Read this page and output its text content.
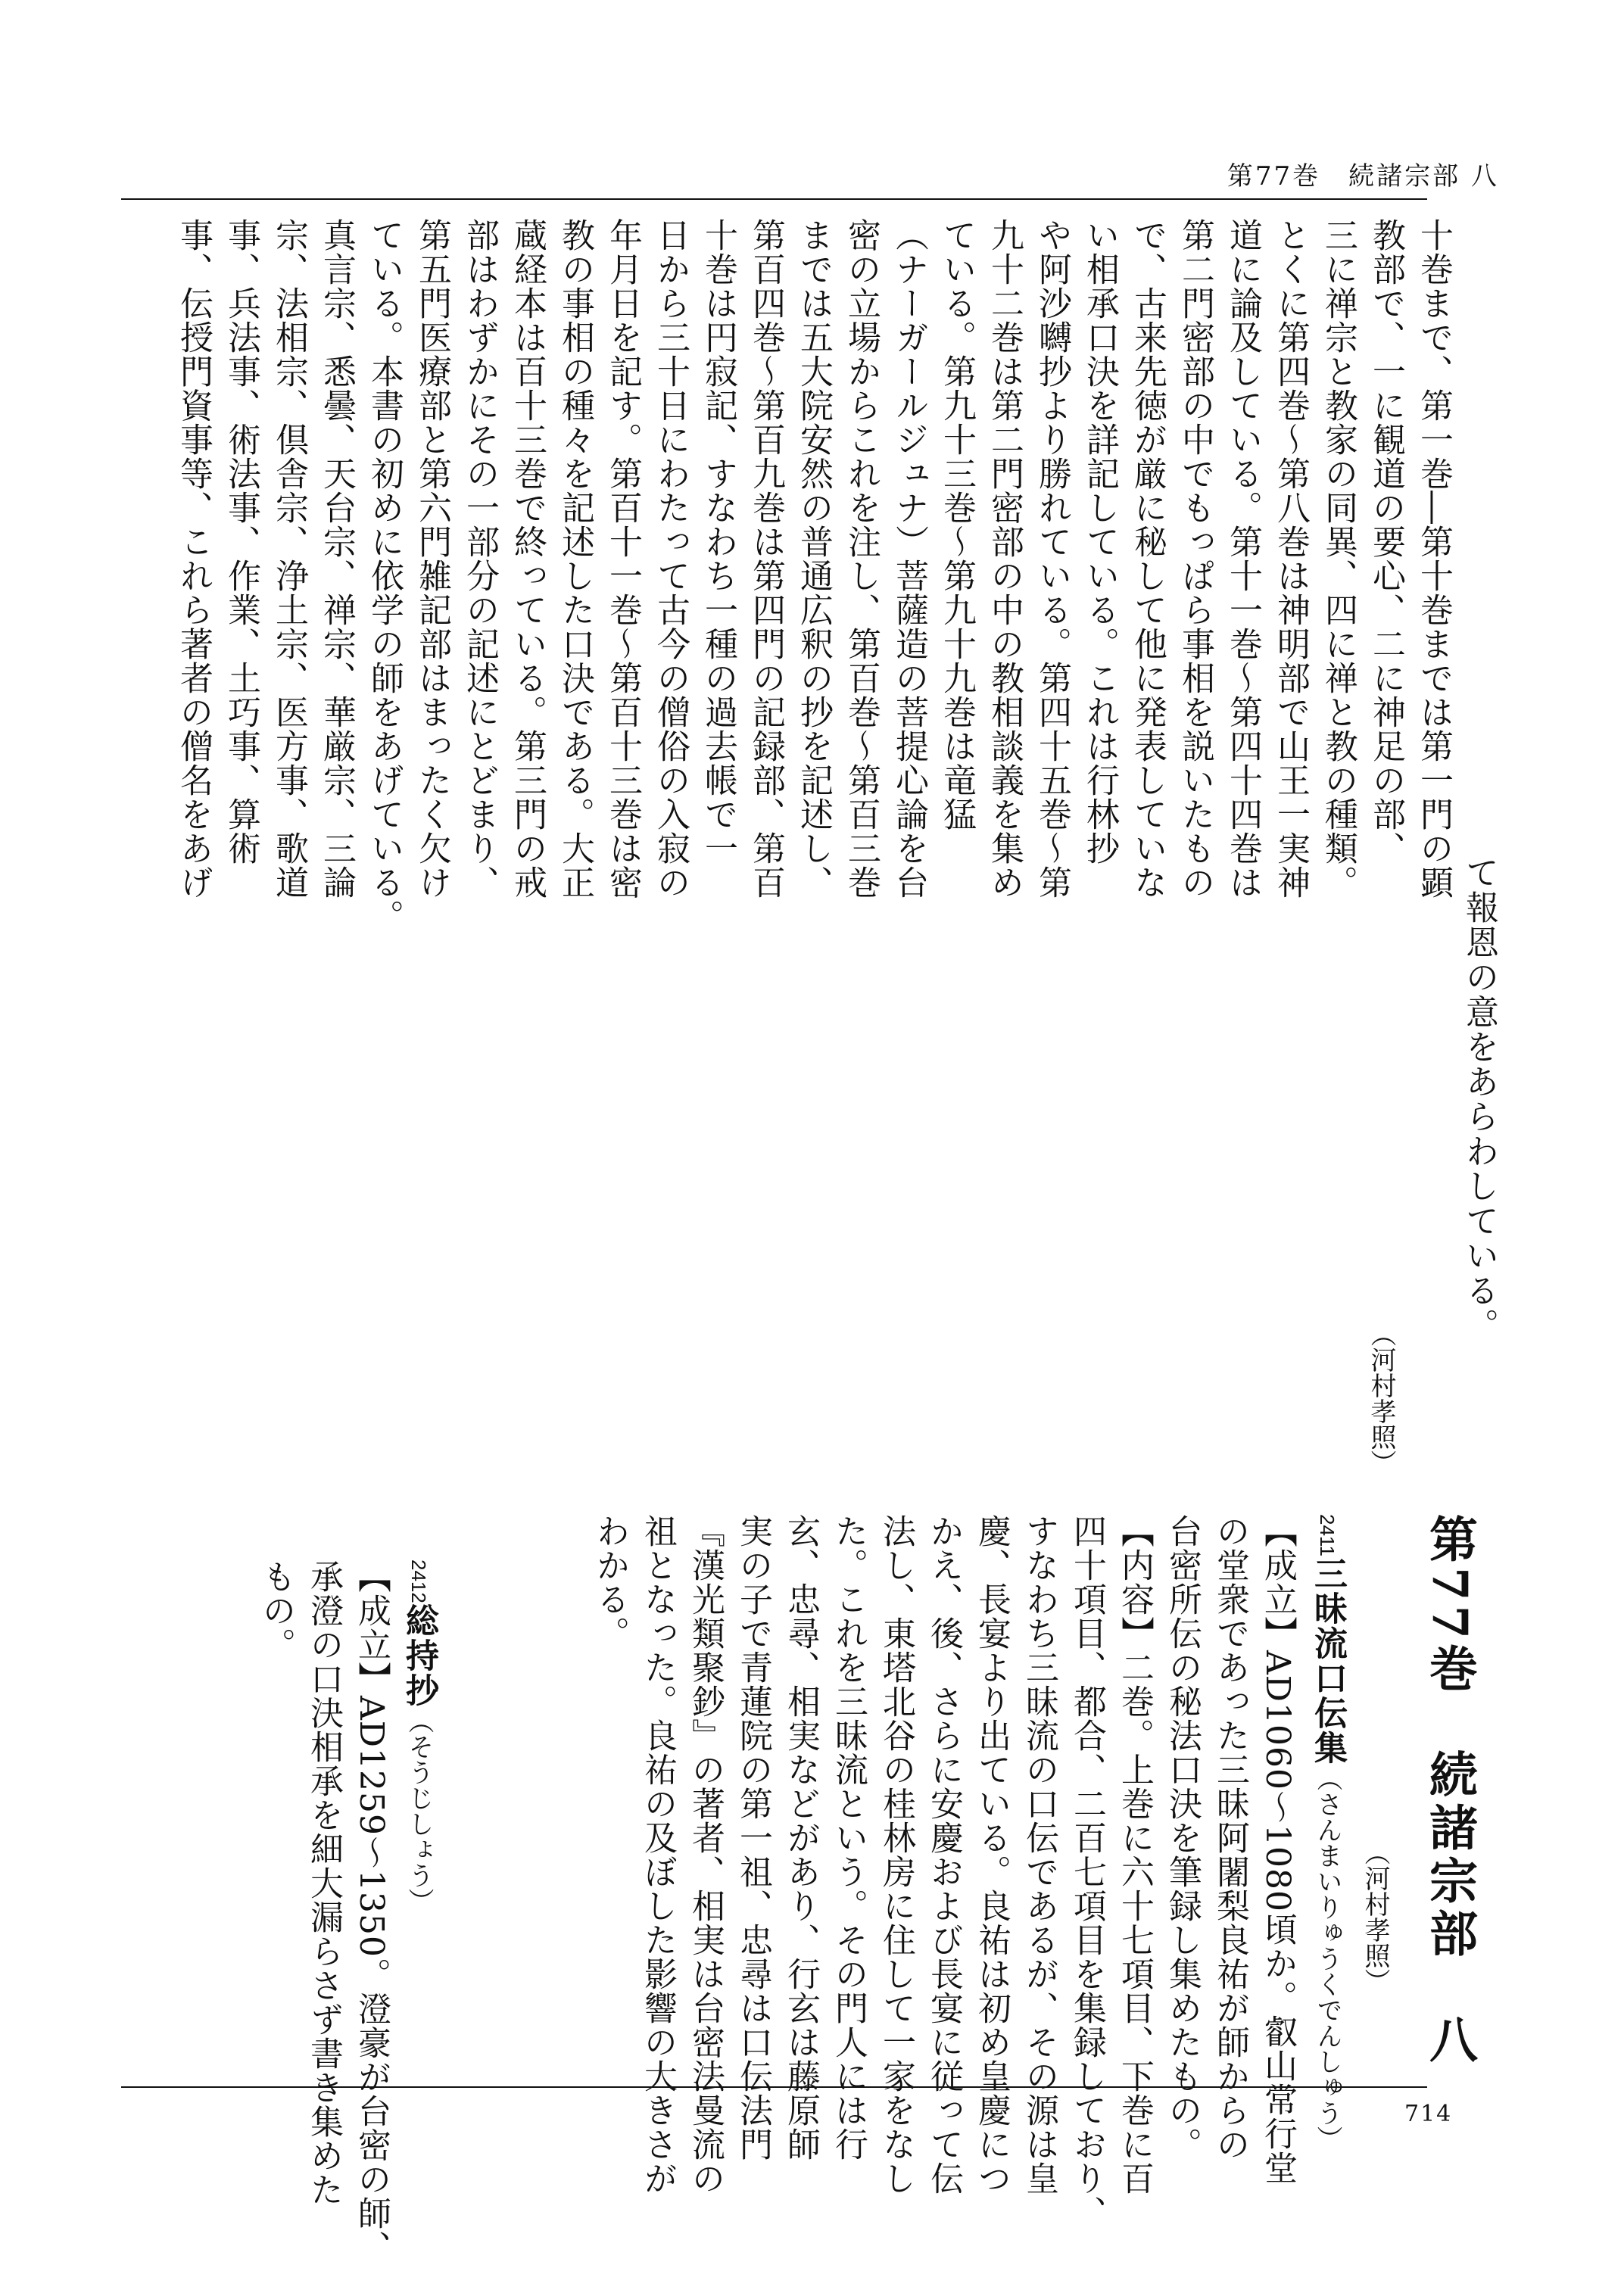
第77巻　続諸宗部 八
十巻まで、第一巻―第十巻までは第一門の顕
教部で、一に観道の要心、二に神足の部、
三に禅宗と教家の同異、四に禅と教の種類。
とくに第四巻～第八巻は神明部で山王一実神
道に論及している。第十一巻～第四十四巻は
第二門密部の中でもっぱら事相を説いたもの
で、古来先徳が厳に秘して他に発表していな
い相承口決を詳記している。これは行林抄
や阿沙嚩抄より勝れている。第四十五巻～第
九十二巻は第二門密部の中の教相談義を集め
ている。第九十三巻～第九十九巻は竜猛
（ナーガールジュナ）菩薩造の菩提心論を台
密の立場からこれを注し、第百巻～第百三巻
までは五大院安然の普通広釈の抄を記述し、
第百四巻～第百九巻は第四門の記録部、第百
十巻は円寂記、すなわち一種の過去帳で一
日から三十日にわたって古今の僧俗の入寂の
年月日を記す。第百十一巻～第百十三巻は密
教の事相の種々を記述した口決である。大正
蔵経本は百十三巻で終っている。第三門の戒
部はわずかにその一部分の記述にとどまり、
第五門医療部と第六門雑記部はまったく欠け
ている。本書の初めに依学の師をあげている。
真言宗、悉曇、天台宗、禅宗、華厳宗、三論
宗、法相宗、倶舎宗、浄土宗、医方事、歌道
事、兵法事、術法事、作業、土巧事、算術
事、伝授門資事等、これら著者の僧名をあげ
て報恩の意をあらわしている。
（河村孝照）
第77巻　続諸宗部　八
2411三昧流口伝集（さんまいりゅうくでんしゅう）
【成立】AD1060～1080頃か。叡山常行堂
の堂衆であった三昧阿闍梨良祐が師からの
台密所伝の秘法口決を筆録し集めたもの。
【内容】二巻。上巻に六十七項目、下巻に百
四十項目、都合、二百七項目を集録しており、
すなわち三昧流の口伝であるが、その源は皇
慶、長宴より出ている。良祐は初め皇慶につ
かえ、後、さらに安慶および長宴に従って伝
法し、東塔北谷の桂林房に住して一家をなし
た。これを三昧流という。その門人には行
玄、忠尋、相実などがあり、行玄は藤原師
実の子で青蓮院の第一祖、忠尋は口伝法門
『漢光類聚鈔』の著者、相実は台密法曼流の
祖となった。良祐の及ぼした影響の大きさが
わかる。
（河村孝照）
2412総持抄（そうじしょう）
【成立】AD1259～1350。澄豪が台密の師、
承澄の口決相承を細大漏らさず書き集めた
もの。
714
